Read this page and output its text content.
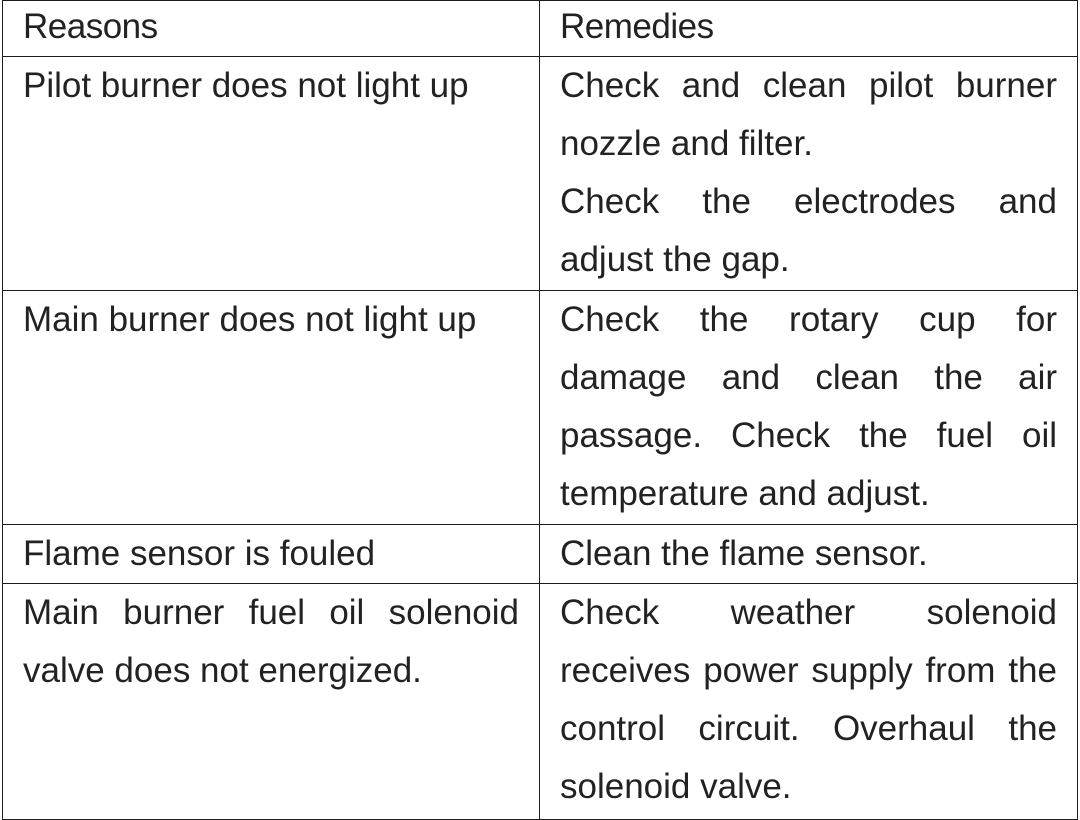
Reasons	Remedies
Pilot burner does not light up	Check and clean pilot burner nozzle and filter.
Check the electrodes and adjust the gap.

Main burner does not light up	Check the rotary cup for damage and clean the air passage. Check the fuel oil temperature and adjust.

Flame sensor is fouled	Clean the flame sensor.

Main burner fuel oil solenoid valve does not energized.	Check weather solenoid receives power supply from the control circuit. Overhaul the solenoid valve.
